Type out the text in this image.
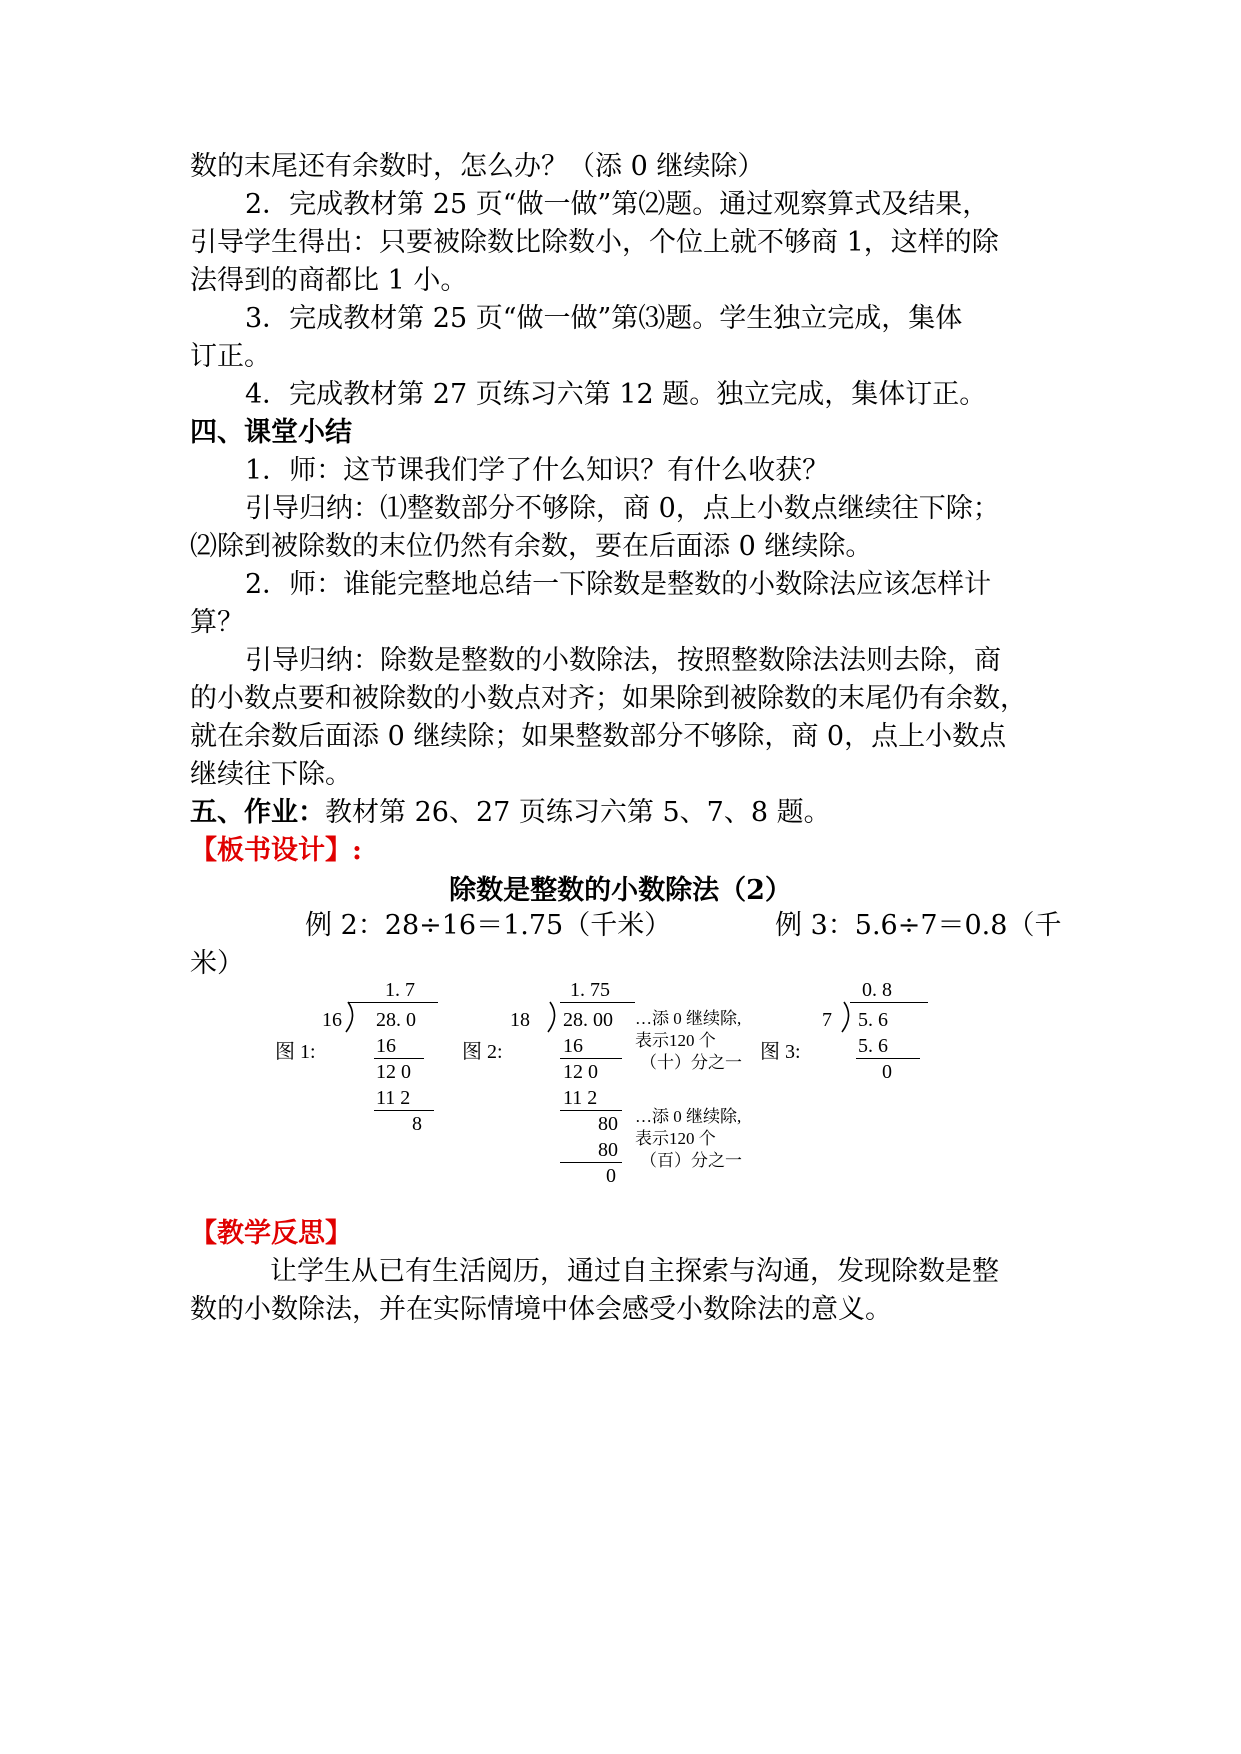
数的末尾还有余数时，怎么办？（添 0 继续除）
2．完成教材第 25 页“做一做”第⑵题。通过观察算式及结果，
引导学生得出：只要被除数比除数小，个位上就不够商 1，这样的除
法得到的商都比 1 小。
3．完成教材第 25 页“做一做”第⑶题。学生独立完成，集体
订正。
4．完成教材第 27 页练习六第 12 题。独立完成，集体订正。
四、课堂小结
1．师：这节课我们学了什么知识？有什么收获？
引导归纳：⑴整数部分不够除，商 0，点上小数点继续往下除；
⑵除到被除数的末位仍然有余数，要在后面添 0 继续除。
2．师：谁能完整地总结一下除数是整数的小数除法应该怎样计
算？
引导归纳：除数是整数的小数除法，按照整数除法法则去除，商
的小数点要和被除数的小数点对齐；如果除到被除数的末尾仍有余数，
就在余数后面添 0 继续除；如果整数部分不够除，商 0，点上小数点
继续往下除。
五、作业：教材第 26、27 页练习六第 5、7、8 题。
【板书设计】:
除数是整数的小数除法（2）
例 2：28÷16＝1.75（千米）	例 3：5.6÷7＝0.8（千
米）
图 1:
1. 7
16 28. 0
16
12 0
11 2
8
图 2:
1. 75
18 28. 00
16
12 0
11 2
80
80
0
…添 0 继续除,
表示120 个
（十）分之一
…添 0 继续除,
表示120 个
（百）分之一
图 3:
0. 8
7 5. 6
5. 6
0
【教学反思】
让学生从已有生活阅历，通过自主探索与沟通，发现除数是整
数的小数除法，并在实际情境中体会感受小数除法的意义。
